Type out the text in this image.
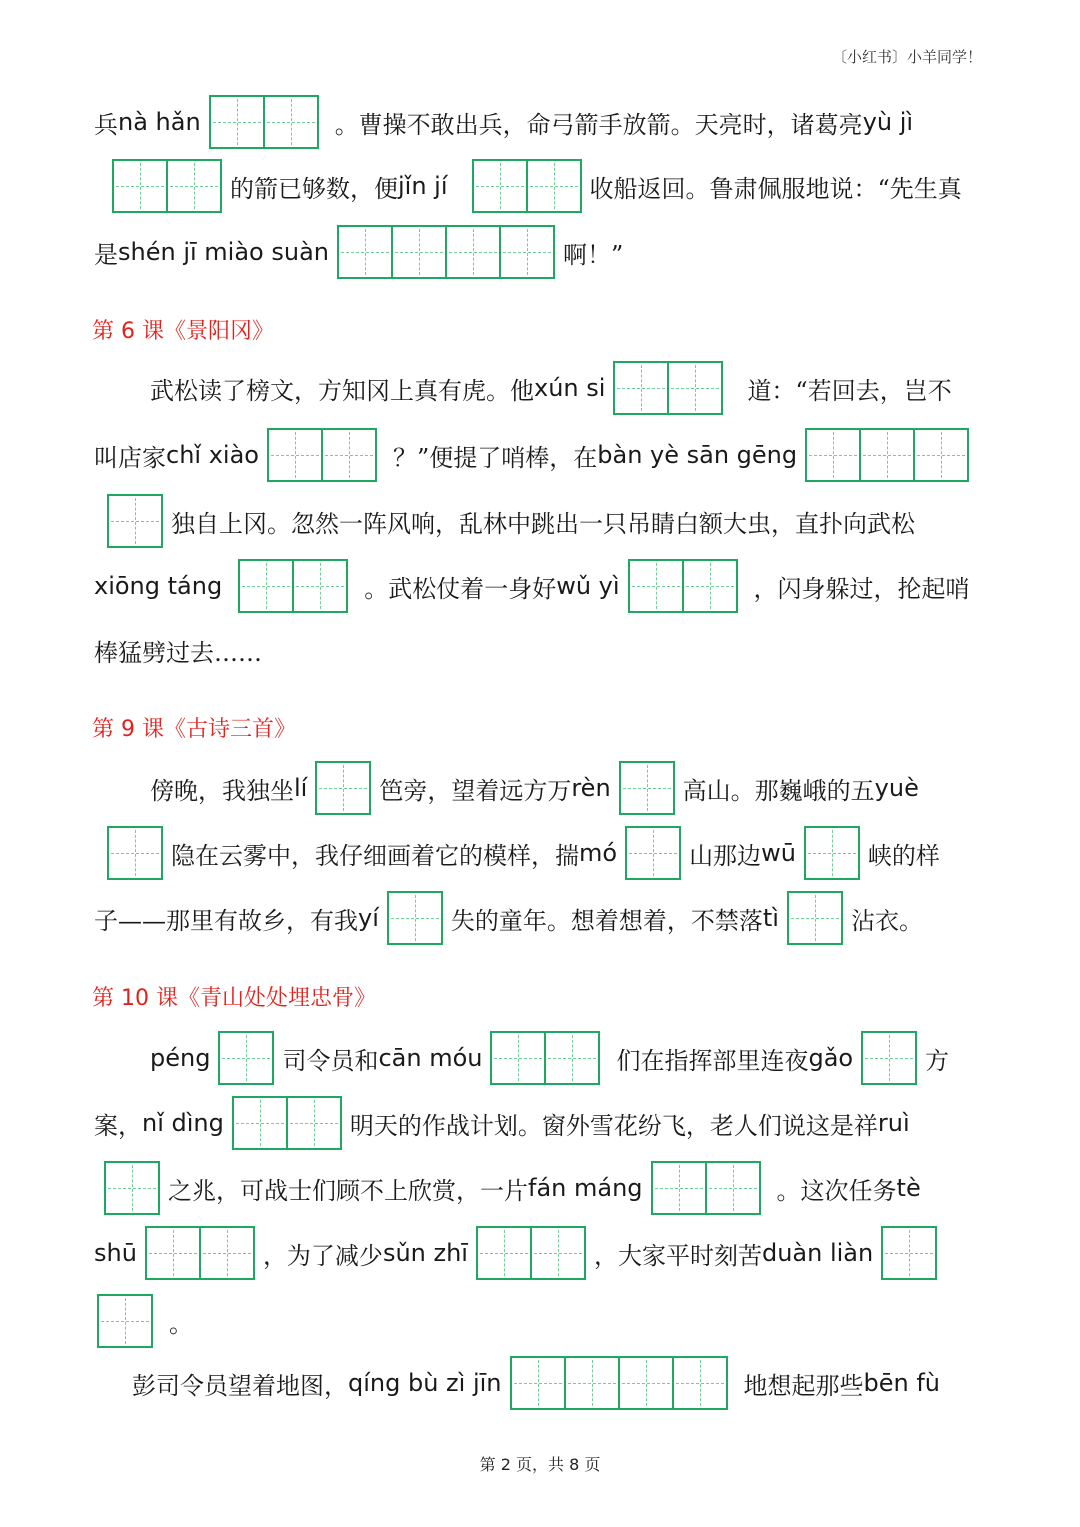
〔小红书〕小羊同学！
兵 nà hǎn	。曹操不敢出兵，命弓箭手放箭。天亮时，诸葛亮 yù jì
的箭已够数，便 jǐn jí	收船返回。鲁肃佩服地说：“先生真
是 shén jī miào suàn	啊！”
第 6 课《景阳冈》
武松读了榜文，方知冈上真有虎。他 xún si	道：“若回去，岂不
叫店家 chǐ xiào	？”便提了哨棒，在 bàn yè sān gēng
独自上冈。忽然一阵风响，乱林中跳出一只吊睛白额大虫，直扑向武松
xiōng táng	。武松仗着一身好 wǔ yì	，闪身躲过，抡起哨
棒猛劈过去……
第 9 课《古诗三首》
傍晚，我独坐 lí	笆旁，望着远方万 rèn	高山。那巍峨的五 yuè
隐在云雾中，我仔细画着它的模样，揣 mó	山那边 wū	峡的样
子——那里有故乡，有我 yí	失的童年。想着想着，不禁落 tì	沾衣。
第 10 课《青山处处埋忠骨》
péng	司令员和 cān móu	们在指挥部里连夜 gǎo	方
案， nǐ dìng	明天的作战计划。窗外雪花纷飞，老人们说这是祥 ruì
之兆，可战士们顾不上欣赏，一片 fán máng	。这次任务 tè
shū	，为了减少 sǔn zhī	，大家平时刻苦 duàn liàn
。
彭司令员望着地图， qíng bù zì jīn	地想起那些 bēn fù
第 2 页，共 8 页
